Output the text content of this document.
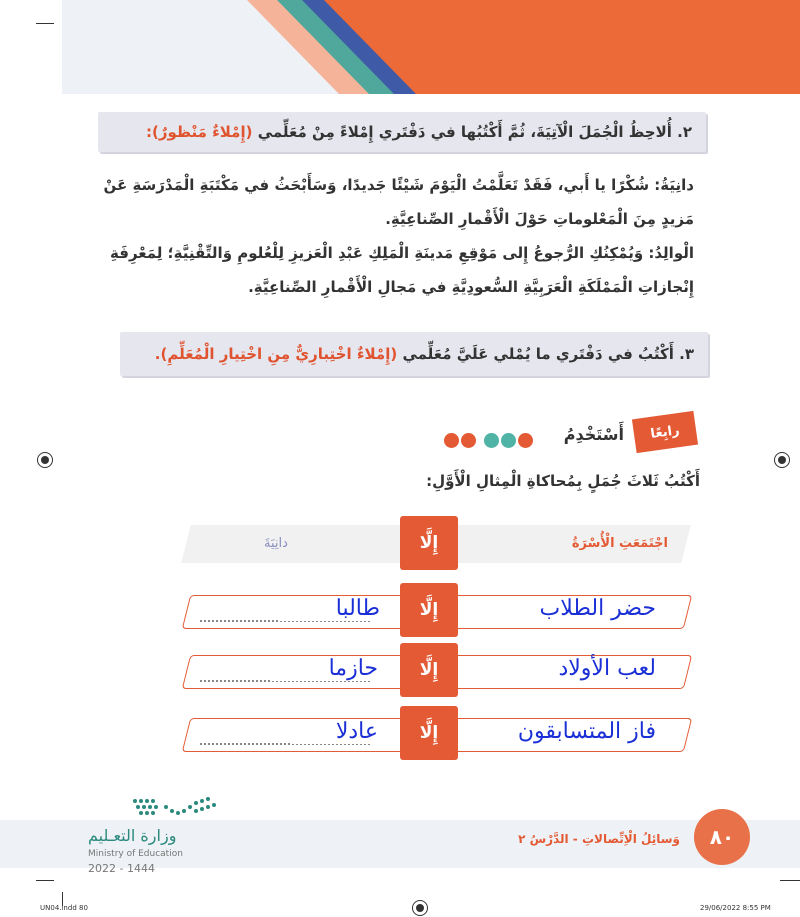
٢. أُلاحِظُ الْجُمَلَ الْآتِيَةَ، ثُمَّ أَكْتُبُها في دَفْتَري إِمْلاءً مِنْ مُعَلِّمي

(إِمْلاءٌ مَنْظورٌ):
دانِيَةُ: شُكْرًا يا أَبي، فَقَدْ تَعَلَّمْتُ الْيَوْمَ شَيْئًا جَديدًا، وَسَأَبْحَثُ في مَكْتَبَةِ الْمَدْرَسَةِ عَنْ
مَزيدٍ مِنَ الْمَعْلوماتِ حَوْلَ الْأَقْمارِ الصِّناعِيَّةِ.
الْوالِدُ: وَيُمْكِنُكِ الرُّجوعُ إِلى مَوْقِعِ مَدينَةِ الْمَلِكِ عَبْدِ الْعَزيزِ لِلْعُلومِ وَالتِّقْنِيَّةِ؛ لِمَعْرِفَةِ
إِنْجازاتِ الْمَمْلَكَةِ الْعَرَبِيَّةِ السُّعودِيَّةِ في مَجالِ الْأَقْمارِ الصِّناعِيَّةِ.
٣. أَكْتُبُ في دَفْتَري ما يُمْلي عَلَيَّ مُعَلِّمي

(إِمْلاءٌ اخْتِبارِيٌّ مِنِ اخْتِيارِ الْمُعَلِّمِ).
رابِعًا
أَسْتَخْدِمُ
أَكْتُبُ ثَلاثَ جُمَلٍ بِمُحاكاةِ الْمِثالِ الْأَوَّلِ:
اجْتَمَعَتِ الْأُسْرَةُ
إِلَّا
دانِيَةَ
حضر الطلاب
إِلَّا
طالبا
لعب الأولاد
إِلَّا
حازما
فاز المتسابقون
إِلَّا
عادلا
وزارة التعـليم
Ministry of Education
2022 - 1444
وَسائِلُ الْاِتِّصالاتِ - الدَّرْسُ ٢	٨٠
UN04.indd 80	29/06/2022 8:55 PM
